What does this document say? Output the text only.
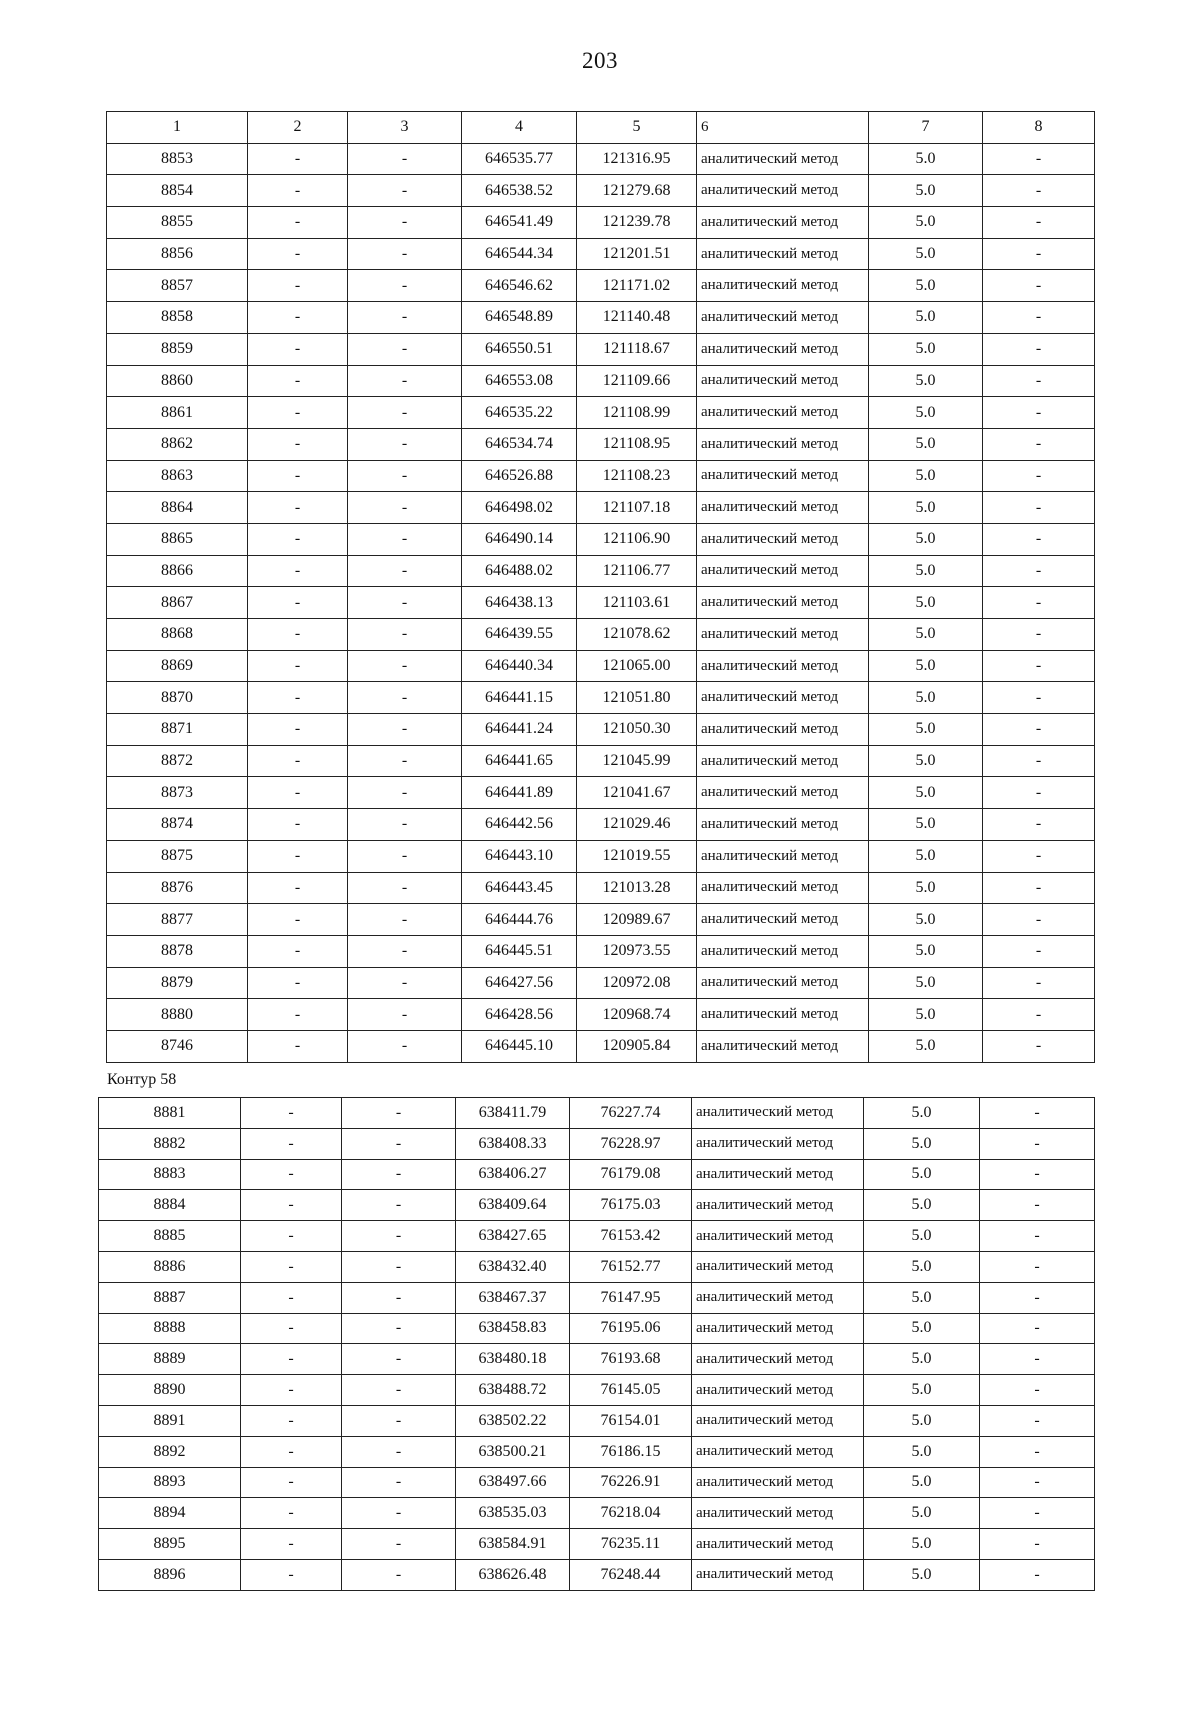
203
1	2	3	4	5	6	7	8
8853	-	-	646535.77	121316.95	аналитический метод	5.0	-
8854	-	-	646538.52	121279.68	аналитический метод	5.0	-
8855	-	-	646541.49	121239.78	аналитический метод	5.0	-
8856	-	-	646544.34	121201.51	аналитический метод	5.0	-
8857	-	-	646546.62	121171.02	аналитический метод	5.0	-
8858	-	-	646548.89	121140.48	аналитический метод	5.0	-
8859	-	-	646550.51	121118.67	аналитический метод	5.0	-
8860	-	-	646553.08	121109.66	аналитический метод	5.0	-
8861	-	-	646535.22	121108.99	аналитический метод	5.0	-
8862	-	-	646534.74	121108.95	аналитический метод	5.0	-
8863	-	-	646526.88	121108.23	аналитический метод	5.0	-
8864	-	-	646498.02	121107.18	аналитический метод	5.0	-
8865	-	-	646490.14	121106.90	аналитический метод	5.0	-
8866	-	-	646488.02	121106.77	аналитический метод	5.0	-
8867	-	-	646438.13	121103.61	аналитический метод	5.0	-
8868	-	-	646439.55	121078.62	аналитический метод	5.0	-
8869	-	-	646440.34	121065.00	аналитический метод	5.0	-
8870	-	-	646441.15	121051.80	аналитический метод	5.0	-
8871	-	-	646441.24	121050.30	аналитический метод	5.0	-
8872	-	-	646441.65	121045.99	аналитический метод	5.0	-
8873	-	-	646441.89	121041.67	аналитический метод	5.0	-
8874	-	-	646442.56	121029.46	аналитический метод	5.0	-
8875	-	-	646443.10	121019.55	аналитический метод	5.0	-
8876	-	-	646443.45	121013.28	аналитический метод	5.0	-
8877	-	-	646444.76	120989.67	аналитический метод	5.0	-
8878	-	-	646445.51	120973.55	аналитический метод	5.0	-
8879	-	-	646427.56	120972.08	аналитический метод	5.0	-
8880	-	-	646428.56	120968.74	аналитический метод	5.0	-
8746	-	-	646445.10	120905.84	аналитический метод	5.0	-
Контур 58
8881	-	-	638411.79	76227.74	аналитический метод	5.0	-
8882	-	-	638408.33	76228.97	аналитический метод	5.0	-
8883	-	-	638406.27	76179.08	аналитический метод	5.0	-
8884	-	-	638409.64	76175.03	аналитический метод	5.0	-
8885	-	-	638427.65	76153.42	аналитический метод	5.0	-
8886	-	-	638432.40	76152.77	аналитический метод	5.0	-
8887	-	-	638467.37	76147.95	аналитический метод	5.0	-
8888	-	-	638458.83	76195.06	аналитический метод	5.0	-
8889	-	-	638480.18	76193.68	аналитический метод	5.0	-
8890	-	-	638488.72	76145.05	аналитический метод	5.0	-
8891	-	-	638502.22	76154.01	аналитический метод	5.0	-
8892	-	-	638500.21	76186.15	аналитический метод	5.0	-
8893	-	-	638497.66	76226.91	аналитический метод	5.0	-
8894	-	-	638535.03	76218.04	аналитический метод	5.0	-
8895	-	-	638584.91	76235.11	аналитический метод	5.0	-
8896	-	-	638626.48	76248.44	аналитический метод	5.0	-
